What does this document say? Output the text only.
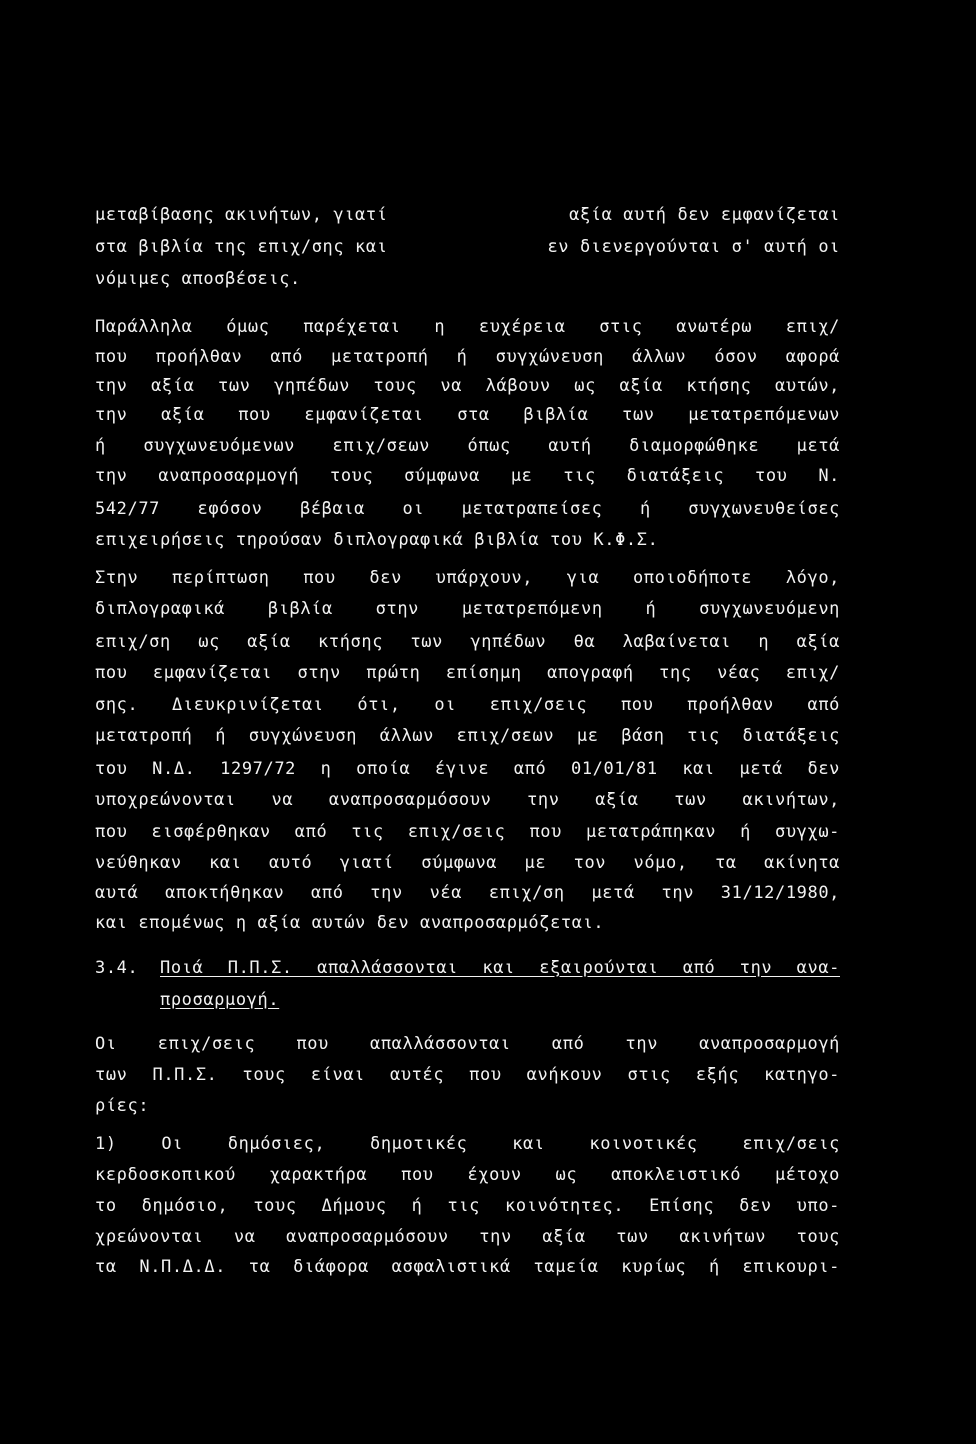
μεταβίβασης ακινήτων, γιατί	αξία αυτή δεν εμφανίζεται
στα βιβλία της επιχ/σης και	εν διενεργούνται σ' αυτή οι
νόμιμες αποσβέσεις.
Παράλληλα όμως παρέχεται η ευχέρεια στις ανωτέρω επιχ/
που προήλθαν από μετατροπή ή συγχώνευση άλλων όσον αφορά
την αξία των γηπέδων τους να λάβουν ως αξία κτήσης αυτών,
την αξία που εμφανίζεται στα βιβλία των μετατρεπόμενων
ή συγχωνευόμενων επιχ/σεων όπως αυτή διαμορφώθηκε μετά
την αναπροσαρμογή τους σύμφωνα με τις διατάξεις του Ν.
542/77 εφόσον βέβαια οι μετατραπείσες ή συγχωνευθείσες
επιχειρήσεις τηρούσαν διπλογραφικά βιβλία του Κ.Φ.Σ.
Στην περίπτωση που δεν υπάρχουν, για οποιοδήποτε λόγο,
διπλογραφικά βιβλία στην μετατρεπόμενη ή συγχωνευόμενη
επιχ/ση ως αξία κτήσης των γηπέδων θα λαβαίνεται η αξία
που εμφανίζεται στην πρώτη επίσημη απογραφή της νέας επιχ/
σης. Διευκρινίζεται ότι, οι επιχ/σεις που προήλθαν από
μετατροπή ή συγχώνευση άλλων επιχ/σεων με βάση τις διατάξεις
του Ν.Δ. 1297/72 η οποία έγινε από 01/01/81 και μετά δεν
υποχρεώνονται να αναπροσαρμόσουν την αξία των ακινήτων,
που εισφέρθηκαν από τις επιχ/σεις που μετατράπηκαν ή συγχω-
νεύθηκαν και αυτό γιατί σύμφωνα με τον νόμο, τα ακίνητα
αυτά αποκτήθηκαν από την νέα επιχ/ση μετά την 31/12/1980,
και επομένως η αξία αυτών δεν αναπροσαρμόζεται.
3.4.	Ποιά Π.Π.Σ. απαλλάσσονται και εξαιρούνται από την ανα-
προσαρμογή.
Οι επιχ/σεις που απαλλάσσονται από την αναπροσαρμογή
των Π.Π.Σ. τους είναι αυτές που ανήκουν στις εξής κατηγο-
ρίες:
1) Οι δημόσιες, δημοτικές και κοινοτικές επιχ/σεις
κερδοσκοπικού χαρακτήρα που έχουν ως αποκλειστικό μέτοχο
το δημόσιο, τους Δήμους ή τις κοινότητες. Επίσης δεν υπο-
χρεώνονται να αναπροσαρμόσουν την αξία των ακινήτων τους
τα Ν.Π.Δ.Δ. τα διάφορα ασφαλιστικά ταμεία κυρίως ή επικουρι-
